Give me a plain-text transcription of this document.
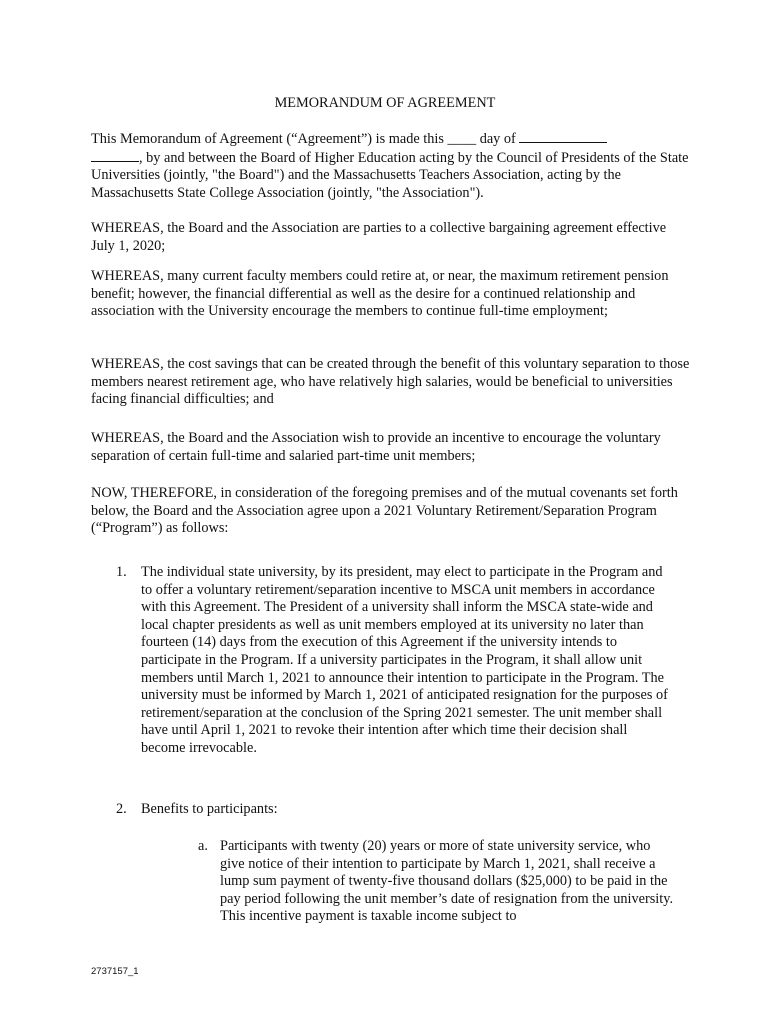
MEMORANDUM OF AGREEMENT

This Memorandum of Agreement (“Agreement”) is made this ____ day of
, by and between the Board of Higher Education acting by the Council of Presidents of the State Universities (jointly, "the Board") and the Massachusetts Teachers Association, acting by the Massachusetts State College Association (jointly, "the Association").

WHEREAS, the Board and the Association are parties to a collective bargaining agreement effective July 1, 2020;

WHEREAS, many current faculty members could retire at, or near, the maximum retirement pension benefit; however, the financial differential as well as the desire for a continued relationship and association with the University encourage the members to continue full-time employment;

WHEREAS, the cost savings that can be created through the benefit of this voluntary separation to those members nearest retirement age, who have relatively high salaries, would be beneficial to universities facing financial difficulties; and

WHEREAS, the Board and the Association wish to provide an incentive to encourage the voluntary separation of certain full-time and salaried part-time unit members;

NOW, THEREFORE, in consideration of the foregoing premises and of the mutual covenants set forth below, the Board and the Association agree upon a 2021 Voluntary Retirement/Separation Program (“Program”) as follows:

1. The individual state university, by its president, may elect to participate in the Program and to offer a voluntary retirement/separation incentive to MSCA unit members in accordance with this Agreement. The President of a university shall inform the MSCA state-wide and local chapter presidents as well as unit members employed at its university no later than fourteen (14) days from the execution of this Agreement if the university intends to participate in the Program. If a university participates in the Program, it shall allow unit members until March 1, 2021 to announce their intention to participate in the Program. The university must be informed by March 1, 2021 of anticipated resignation for the purposes of retirement/separation at the conclusion of the Spring 2021 semester. The unit member shall have until April 1, 2021 to revoke their intention after which time their decision shall become irrevocable.
2. Benefits to participants:
a. Participants with twenty (20) years or more of state university service, who give notice of their intention to participate by March 1, 2021, shall receive a lump sum payment of twenty-five thousand dollars ($25,000) to be paid in the pay period following the unit member’s date of resignation from the university. This incentive payment is taxable income subject to
2737157_1
